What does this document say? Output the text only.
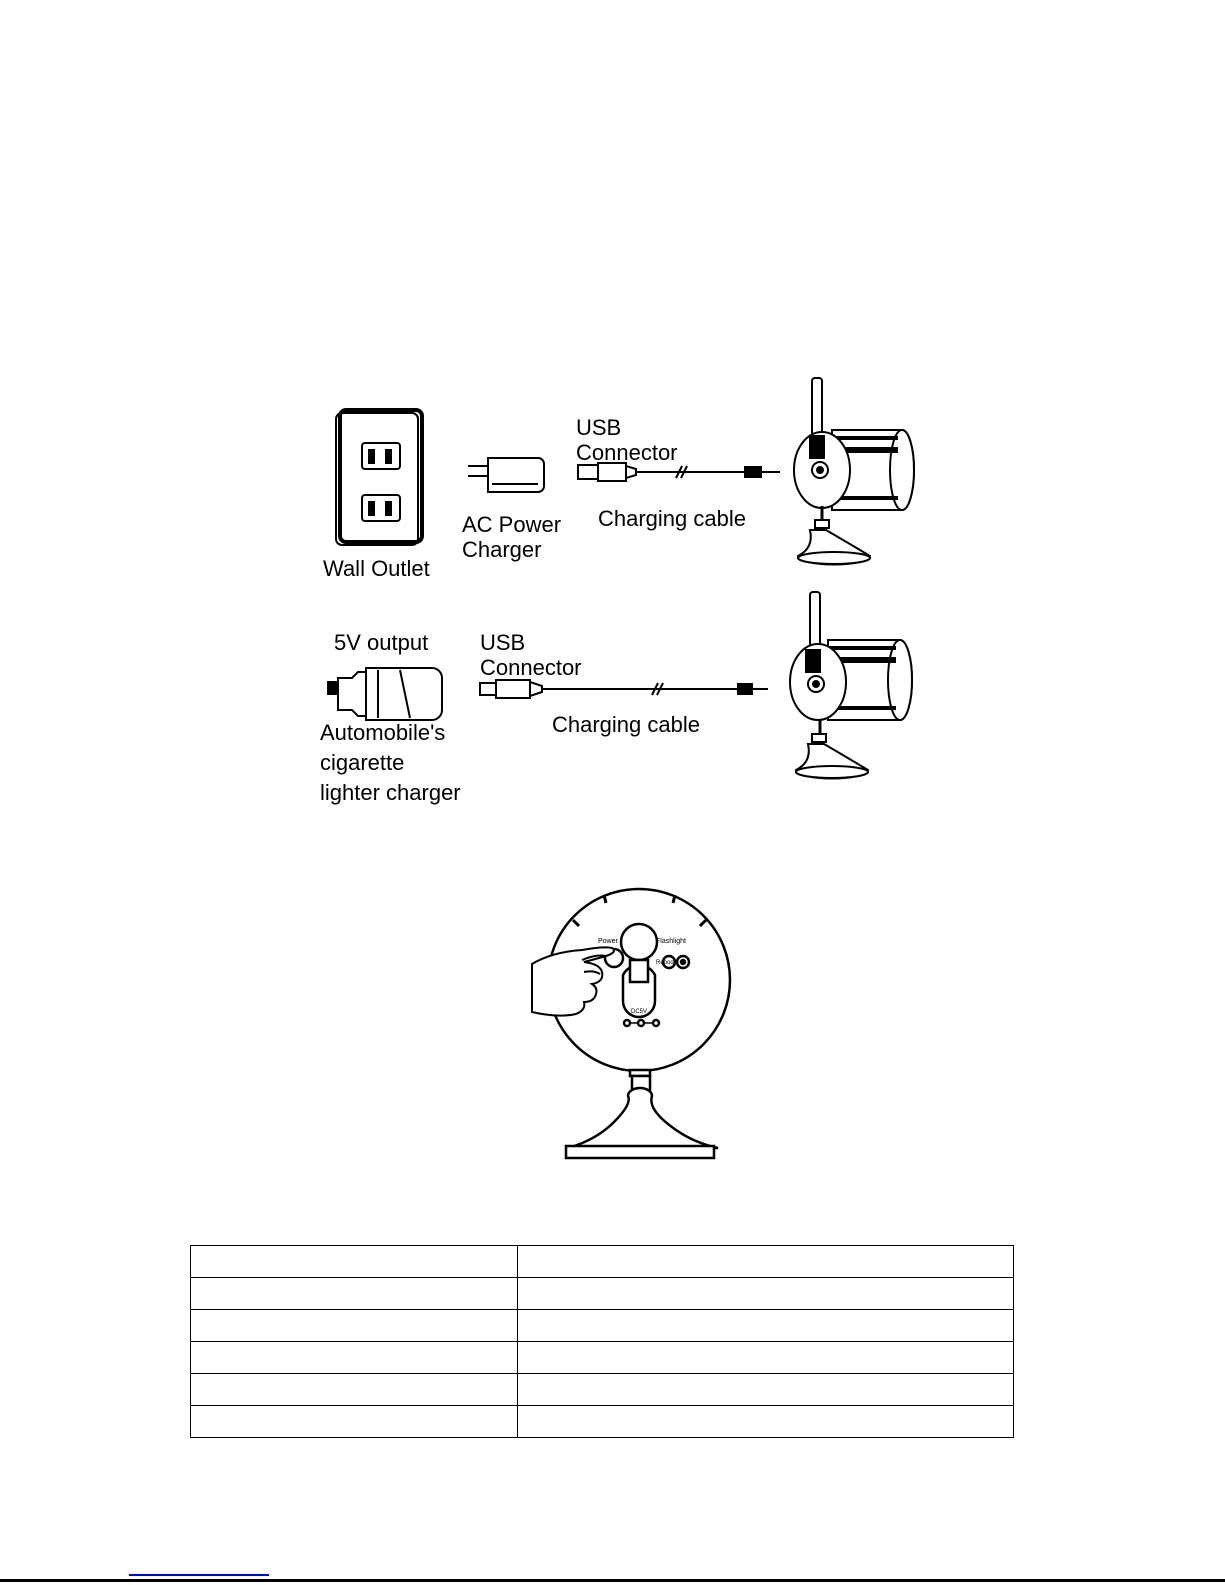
USB
Connector
Charging cable
AC Power
Charger
Wall Outlet
5V output USB
Connector
Charging cable
Automobile's
cigarette
lighter charger
Power	Flashlight
Reboot
DC5V
